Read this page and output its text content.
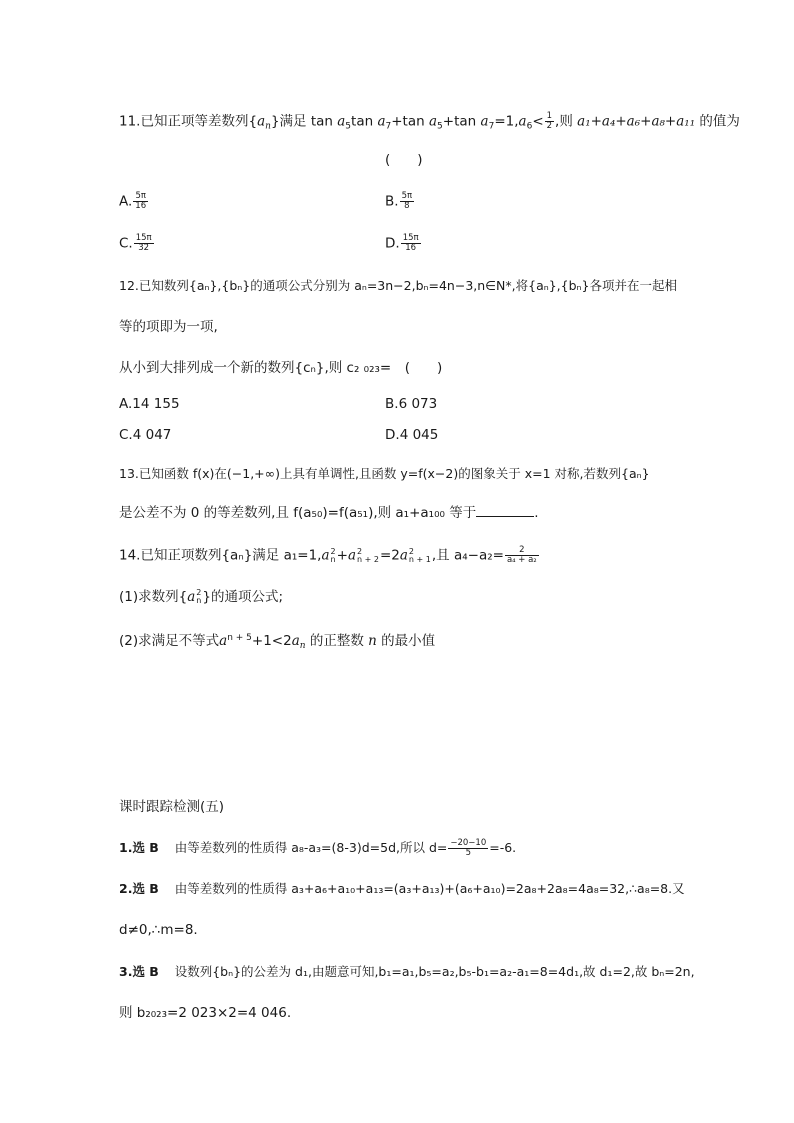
11.已知正项等差数列$\{a_n\}$满足 $\tan a_5\tan$ $a_7+\tan$ $a_5+\tan$ $a_7=1,a_6< \frac{1}{2}$ ,则 a₁+a₄+a₆+a₈+a₁₁ 的值为
(　　)
A. $\frac{5\pi}{16}$	B. $\frac{5\pi}{8}$
C. $\frac{15\pi}{32}$	D. $\frac{15\pi}{16}$
12.已知数列{aₙ},{bₙ}的通项公式分别为 aₙ=3n−2,bₙ=4n−3,n∈N*,将{aₙ},{bₙ}各项并在一起相
等的项即为一项,
从小到大排列成一个新的数列{cₙ},则 c₂ ₀₂₃=　(　　)
A.14 155	B.6 073
C.4 047	D.4 045
13.已知函数 f(x)在(−1,+∞)上具有单调性,且函数 y=f(x−2)的图象关于 x=1 对称,若数列{aₙ}
是公差不为 0 的等差数列,且 f(a₅₀)=f(a₅₁),则 a₁+a₁₀₀ 等于	.
14.已知正项数列{aₙ}满足 a₁=1,a 2
n +a 2
n + 2 =2a 2
n + 1 ,且 $a_4-a_2= \frac{2}{\text{a₄ + a₂}}$
(1)求数列{a 2
n }的通项公式;
(2)求满足不等式$a^{n + 5}+1<2a_n$ 的正整数 n 的最小值
课时跟踪检测(五)
1.选 B 由等差数列的性质得 a₈-a₃=(8-3)d=5d,所以 $d= \frac{-20-10}{5} =-6$.
2.选 B 由等差数列的性质得 a₃+a₆+a₁₀+a₁₃=(a₃+a₁₃)+(a₆+a₁₀)=2a₈+2a₈=4a₈=32,∴a₈=8.又
d≠0,∴m=8.
3.选 B 设数列{bₙ}的公差为 d₁,由题意可知,b₁=a₁,b₅=a₂,b₅-b₁=a₂-a₁=8=4d₁,故 d₁=2,故 bₙ=2n,
则 b₂₀₂₃=2 023×2=4 046.
